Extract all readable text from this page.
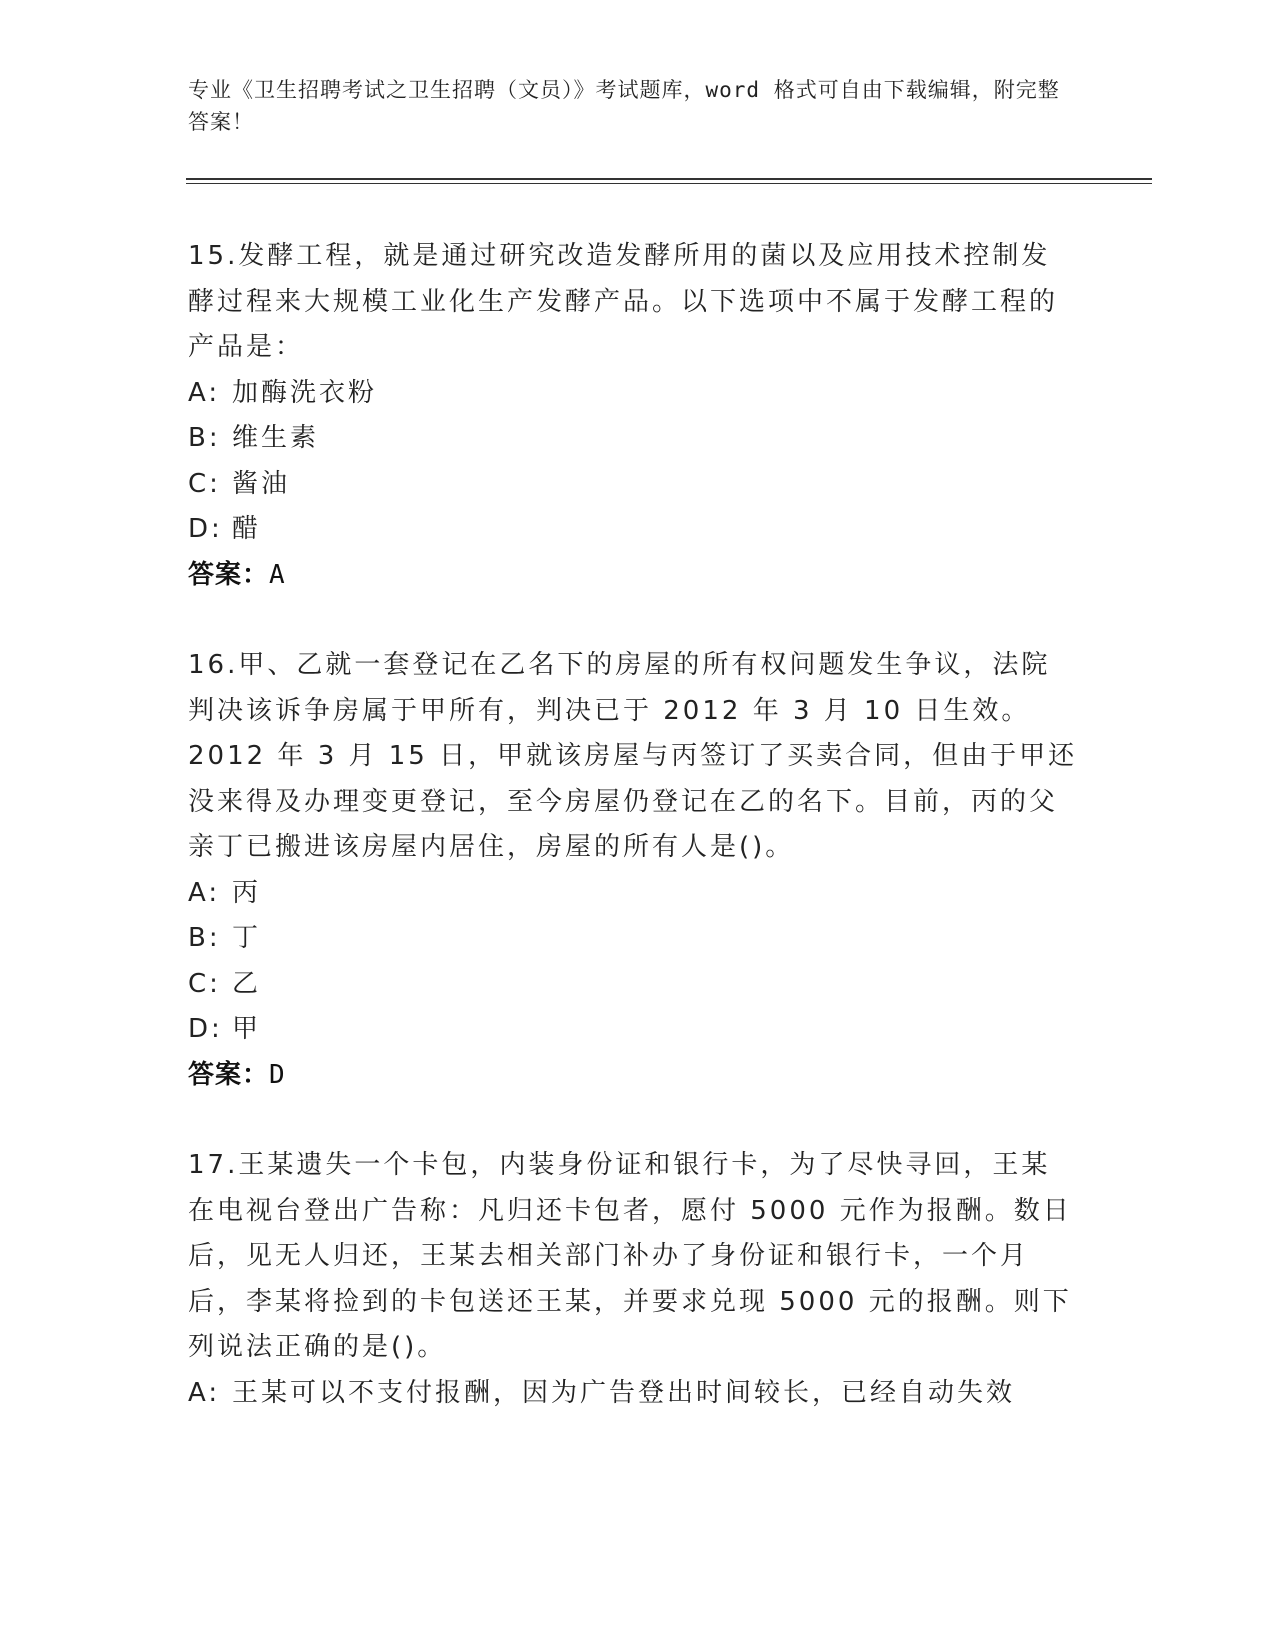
专业《卫生招聘考试之卫生招聘（文员）》考试题库，word 格式可自由下载编辑，附完整答案！

15.发酵工程，就是通过研究改造发酵所用的菌以及应用技术控制发酵过程来大规模工业化生产发酵产品。以下选项中不属于发酵工程的产品是：

A: 加酶洗衣粉

B: 维生素

C: 酱油

D: 醋

答案：A

16.甲、乙就一套登记在乙名下的房屋的所有权问题发生争议，法院判决该诉争房属于甲所有，判决已于 2012 年 3 月 10 日生效。2012 年 3 月 15 日，甲就该房屋与丙签订了买卖合同，但由于甲还没来得及办理变更登记，至今房屋仍登记在乙的名下。目前，丙的父亲丁已搬进该房屋内居住，房屋的所有人是()。

A: 丙

B: 丁

C: 乙

D: 甲

答案：D

17.王某遗失一个卡包，内装身份证和银行卡，为了尽快寻回，王某在电视台登出广告称：凡归还卡包者，愿付 5000 元作为报酬。数日后，见无人归还，王某去相关部门补办了身份证和银行卡，一个月后，李某将捡到的卡包送还王某，并要求兑现 5000 元的报酬。则下列说法正确的是()。

A: 王某可以不支付报酬，因为广告登出时间较长，已经自动失效
